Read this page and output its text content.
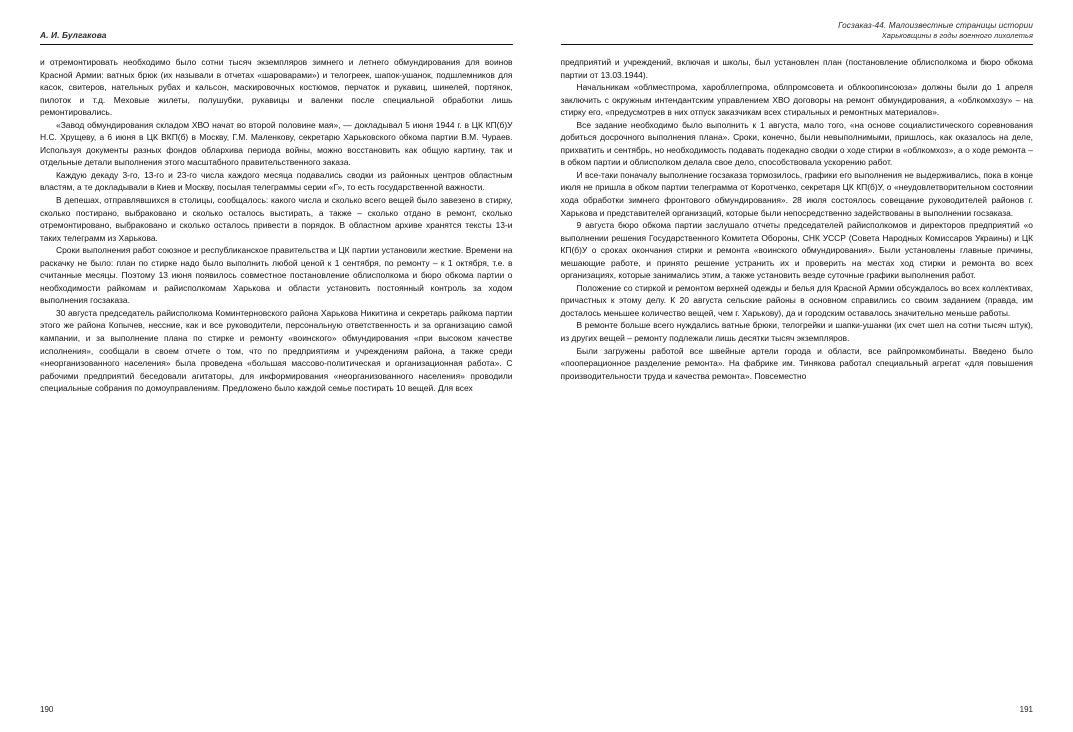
А. И. Булгакова

и отремонтировать необходимо было сотни тысяч экземпляров зимнего и летнего обмундирования для воинов Красной Армии: ватных брюк (их называли в отчетах «шароварами») и телогреек, шапок-ушанок, подшлемников для касок, свитеров, нательных рубах и кальсон, маскировочных костюмов, перчаток и рукавиц, шинелей, портянок, пилоток и т.д. Меховые жилеты, полушубки, рукавицы и валенки после специальной обработки лишь ремонтировались.

«Завод обмундирования складом ХВО начат во второй половине мая», — докладывал 5 июня 1944 г. в ЦК КП(б)У Н.С. Хрущеву, а 6 июня в ЦК ВКП(б) в Москву, Г.М. Маленкову, секретарю Харьковского обкома партии В.М. Чураев. Используя документы разных фондов облархива периода войны, можно восстановить как общую картину, так и отдельные детали выполнения этого масштабного правительственного заказа.

Каждую декаду 3-го, 13-го и 23-го числа каждого месяца подавались сводки из районных центров областным властям, а те докладывали в Киев и Москву, посылая телеграммы серии «Г», то есть государственной важности.

В депешах, отправлявшихся в столицы, сообщалось: какого числа и сколько всего вещей было завезено в стирку, сколько постирано, выбраковано и сколько осталось выстирать, а также – сколько отдано в ремонт, сколько отремонтировано, выбраковано и сколько осталось привести в порядок. В областном архиве хранятся тексты 13-и таких телеграмм из Харькова.

Сроки выполнения работ союзное и республиканское правительства и ЦК партии установили жесткие. Времени на раскачку не было: план по стирке надо было выполнить любой ценой к 1 сентября, по ремонту – к 1 октября, т.е. в считанные месяцы. Поэтому 13 июня появилось совместное постановление облисполкома и бюро обкома партии о необходимости райкомам и райисполкомам Харькова и области установить постоянный контроль за ходом выполнения госзаказа.

30 августа председатель райисполкома Коминтерновского района Харькова Никитина и секретарь райкома партии этого же района Копычев, нессние, как и все руководители, персональную ответственность и за организацию самой кампании, и за выполнение плана по стирке и ремонту «воинского» обмундирования «при высоком качестве исполнения», сообщали в своем отчете о том, что по предприятиям и учреждениям района, а также среди «неорганизованного населения» была проведена «большая массово-политическая и организационная работа». С рабочими предприятий беседовали агитаторы, для информирования «неорганизованного населения» проводили специальные собрания по домоуправлениям. Предложено было каждой семье постирать 10 вещей. Для всех

190
Госзаказ-44. Малоизвестные страницы истории
Харьковщины в годы военного лихолетья

предприятий и учреждений, включая и школы, был установлен план (постановление облисполкома и бюро обкома партии от 13.03.1944).

Начальникам «облместпрома, харобллегпрома, облпромсовета и облкоопинсоюза» должны были до 1 апреля заключить с окружным интендантским управлением ХВО договоры на ремонт обмундирования, а «облкомхозу» – на стирку его, «предусмотрев в них отпуск заказчикам всех стиральных и ремонтных материалов».

Все задание необходимо было выполнить к 1 августа, мало того, «на основе социалистического соревнования добиться досрочного выполнения плана». Сроки, конечно, были невыполнимыми, пришлось, как оказалось на деле, прихватить и сентябрь, но необходимость подавать подекадно сводки о ходе стирки в «облкомхоз», а о ходе ремонта – в обком партии и облисполком делала свое дело, способствовала ускорению работ.

И все-таки поначалу выполнение госзаказа тормозилось, графики его выполнения не выдерживались, пока в конце июля не пришла в обком партии телеграмма от Коротченко, секретаря ЦК КП(б)У, о «неудовлетворительном состоянии хода обработки зимнего фронтового обмундирования». 28 июля состоялось совещание руководителей районов г. Харькова и представителей организаций, которые были непосредственно задействованы в выполнении госзаказа.

9 августа бюро обкома партии заслушало отчеты председателей райисполкомов и директоров предприятий «о выполнении решения Государственного Комитета Обороны, СНК УССР (Совета Народных Комиссаров Украины) и ЦК КП(б)У о сроках окончания стирки и ремонта «воинского обмундирования». Были установлены главные причины, мешающие работе, и принято решение устранить их и проверить на местах ход стирки и ремонта во всех организациях, которые занимались этим, а также установить везде суточные графики выполнения работ.

Положение со стиркой и ремонтом верхней одежды и белья для Красной Армии обсуждалось во всех коллективах, причастных к этому делу. К 20 августа сельские районы в основном справились со своим заданием (правда, им досталось меньшее количество вещей, чем г. Харькову), да и городским оставалось значительно меньше работы.

В ремонте больше всего нуждались ватные брюки, телогрейки и шапки-ушанки (их счет шел на сотни тысяч штук), из других вещей – ремонту подлежали лишь десятки тысяч экземпляров.

Были загружены работой все швейные артели города и области, все райпромкомбинаты. Введено было «пооперационное разделение ремонта». На фабрике им. Тинякова работал специальный агрегат «для повышения производительности труда и качества ремонта». Повсеместно

191
